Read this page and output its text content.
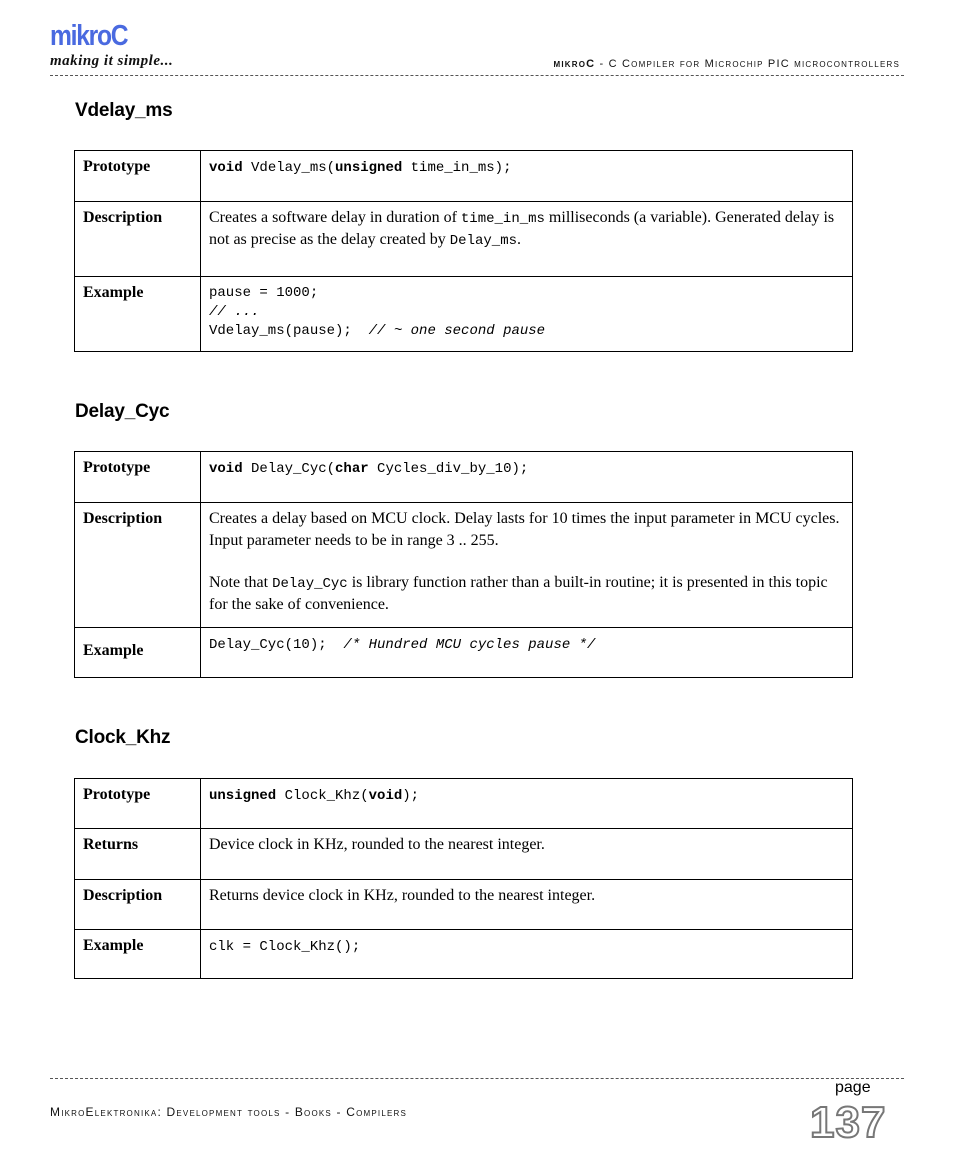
mikroC
making it simple...	mikroC - C Compiler for Microchip PIC microcontrollers
Vdelay_ms
Prototype	void Vdelay_ms(unsigned time_in_ms);
Description	Creates a software delay in duration of time_in_ms milliseconds (a variable). Generated delay is not as precise as the delay created by Delay_ms.
Example	pause = 1000;
// ...
Vdelay_ms(pause);  // ~ one second pause
Delay_Cyc
Prototype	void Delay_Cyc(char Cycles_div_by_10);
Description	Creates a delay based on MCU clock. Delay lasts for 10 times the input parameter in MCU cycles. Input parameter needs to be in range 3 .. 255.

Note that Delay_Cyc is library function rather than a built-in routine; it is presented in this topic for the sake of convenience.

Example	Delay_Cyc(10);  /* Hundred MCU cycles pause */
Clock_Khz
Prototype	unsigned Clock_Khz(void);
Returns	Device clock in KHz, rounded to the nearest integer.
Description	Returns device clock in KHz, rounded to the nearest integer.
Example	clk = Clock_Khz();
page
MikroElektronika: Development tools - Books - Compilers	137
